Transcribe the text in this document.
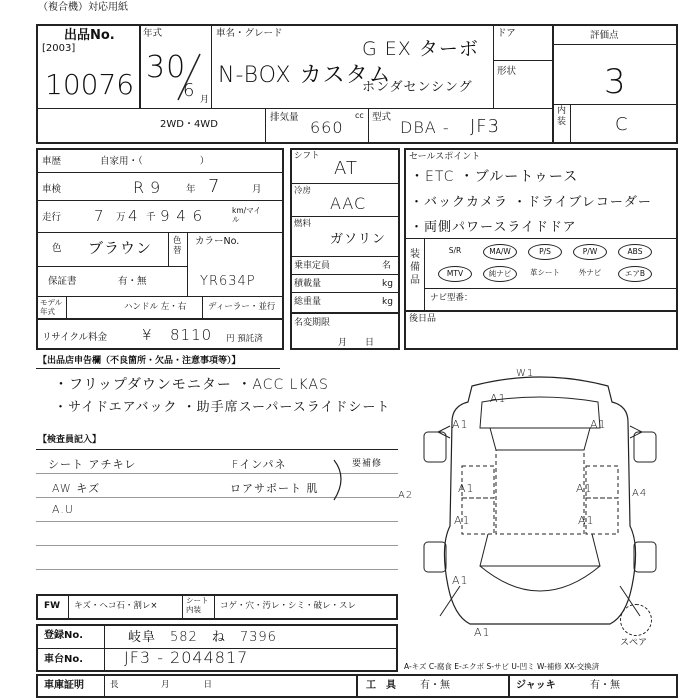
（複合機）対応用紙
出品No.
[2003]
10076
年式
30
6 月
車名・グレード
N-BOX カスタム
G EX ターボ
ホンダセンシング
ドア
形状
評価点
3
内装	C
2WD・4WD
排気量
660
cc 型式
DBA - JF3
車歴	自家用・（　　　　　　）
車検	R 9	年 7	月
走行 7 万 4 千 9 4 6	km/マイル
色 ブラウン 色替
カラーNo.
保証書	有・無	YR634P
モデル年式	ハンドル 左・右	ディーラー・並行
リサイクル料金 ¥ 8110 円 預託済
シフト
AT
冷房
AAC
燃料
ガソリン
乗車定員	名
積載量	kg
総重量	kg
名変期限
月　　日
セールスポイント
・ETC ・ブルートゥース
・バックカメラ ・ドライブレコーダー
・両側パワースライドドア
装備品
S/R	MA/W	P/S	P/W	ABS
MTV	純ナビ	革シート	外ナビ	エアB
ナビ型番：
後日品
【出品店申告欄（不良箇所・欠品・注意事項等）】
・フリップダウンモニター ・ACC LKAS
・サイドエアバック ・助手席スーパースライドシート
【検査員記入】
シート アチキレ
AW キズ
A.U
Fインパネ
ロアサポート 肌
要補修
W1
A1
A1	A1
A2	A4
A1	A1
A1	A1
A1
A1
スペア
FW キズ・ヘコ石・割レ×
シート内装	コゲ・穴・汚レ・シミ・破レ・スレ
登録No.	岐阜　582　ね　7396
車台No.	JF3 - 2044817	A-キズ C-腐食 E-エクボ S-サビ U-凹ミ W-補修 XX-交換済
車庫証明	長　　　　　月　　　　日	工　具 有・無	ジャッキ	有・無
